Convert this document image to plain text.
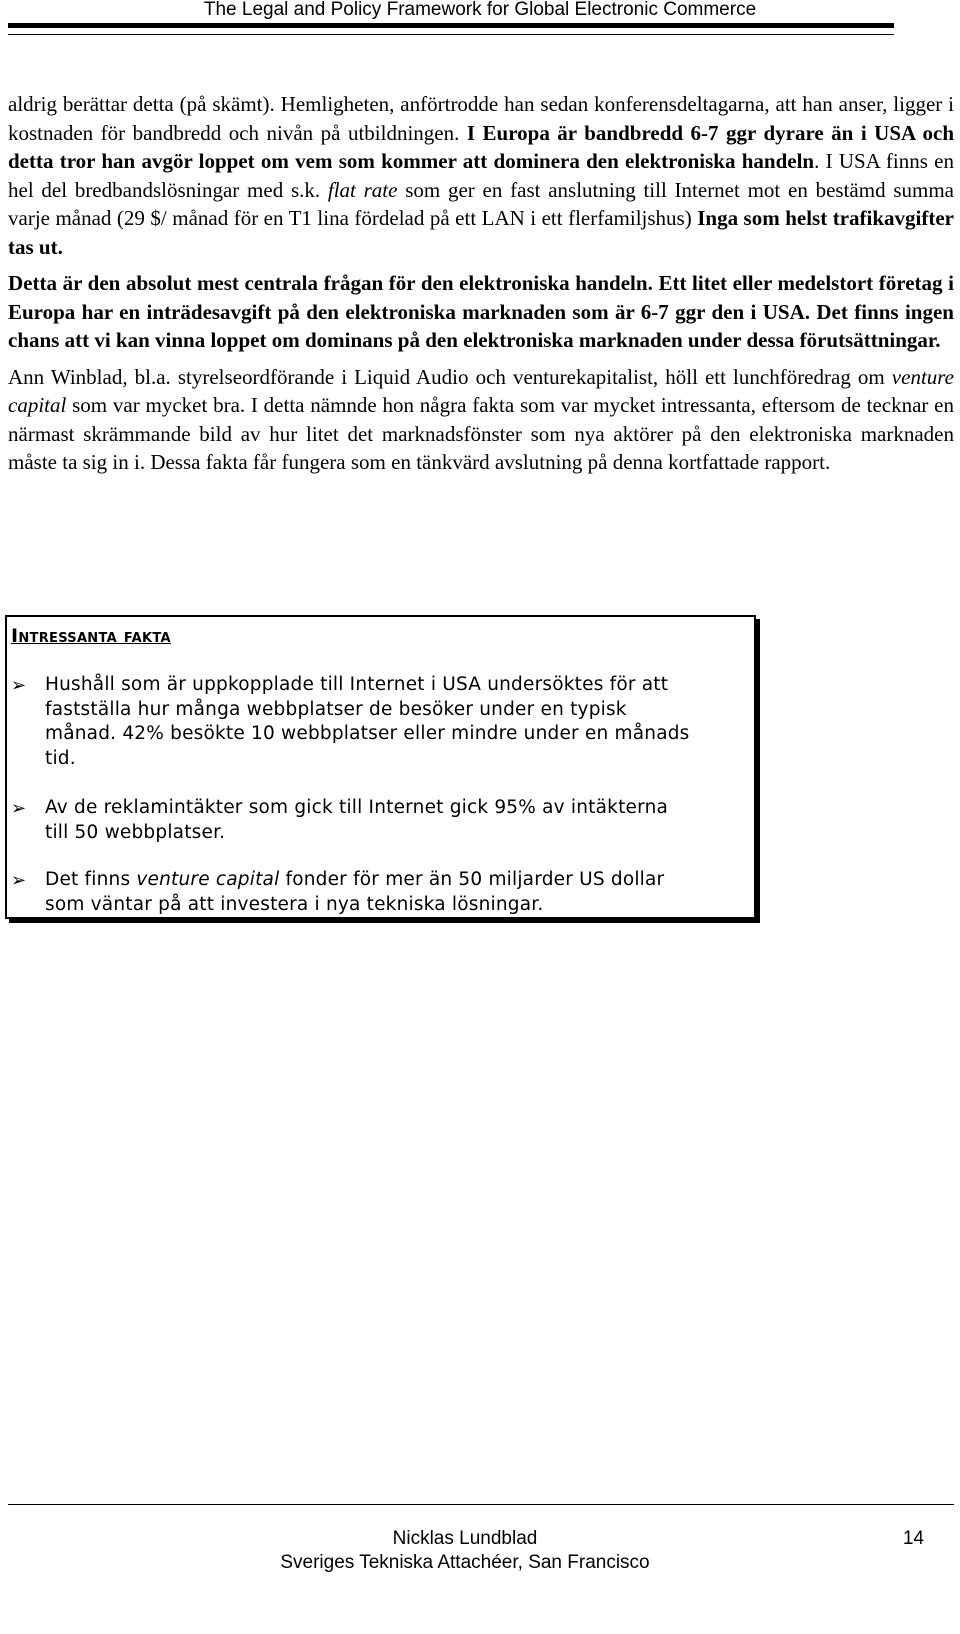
The Legal and Policy Framework for Global Electronic Commerce

aldrig berättar detta (på skämt). Hemligheten, anförtrodde han sedan konferensdeltagarna, att han anser, ligger i kostnaden för bandbredd och nivån på utbildningen. I Europa är bandbredd 6-7 ggr dyrare än i USA och detta tror han avgör loppet om vem som kommer att dominera den elektroniska handeln. I USA finns en hel del bredbandslösningar med s.k. flat rate som ger en fast anslutning till Internet mot en bestämd summa varje månad (29 $/ månad för en T1 lina fördelad på ett LAN i ett flerfamiljshus) Inga som helst trafikavgifter tas ut.

Detta är den absolut mest centrala frågan för den elektroniska handeln. Ett litet eller medelstort företag i Europa har en inträdesavgift på den elektroniska marknaden som är 6-7 ggr den i USA. Det finns ingen chans att vi kan vinna loppet om dominans på den elektroniska marknaden under dessa förutsättningar.

Ann Winblad, bl.a. styrelseordförande i Liquid Audio och venturekapitalist, höll ett lunchföredrag om venture capital som var mycket bra. I detta nämnde hon några fakta som var mycket intressanta, eftersom de tecknar en närmast skrämmande bild av hur litet det marknadsfönster som nya aktörer på den elektroniska marknaden måste ta sig in i. Dessa fakta får fungera som en tänkvärd avslutning på denna kortfattade rapport.

Intressanta fakta
➢ Hushåll som är uppkopplade till Internet i USA undersöktes för att fastställa hur många webbplatser de besöker under en typisk månad. 42% besökte 10 webbplatser eller mindre under en månads tid.
➢ Av de reklamintäkter som gick till Internet gick 95% av intäkterna till 50 webbplatser.
➢ Det finns venture capital fonder för mer än 50 miljarder US dollar som väntar på att investera i nya tekniska lösningar.
Nicklas Lundblad
Sveriges Tekniska Attachéer, San Francisco
14
